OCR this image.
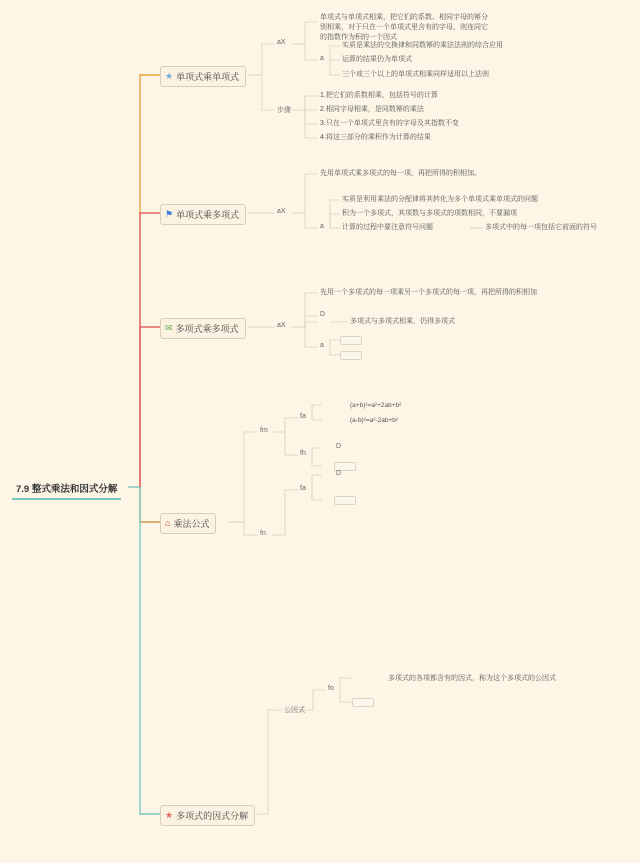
7.9 整式乘法和因式分解
★ 单项式乘单项式
aX
单项式与单项式相乘，把它们的系数、相同字母的幂分别相乘，对于只在一个单项式里含有的字母，则连同它的指数作为积的一个因式
a
实质是乘法的交换律和同数幂的乘法法则的综合应用
运算的结果仍为单项式
三个或三个以上的单项式相乘同样适用以上法则
步骤
1.把它们的系数相乘，包括符号的计算
2.相同字母相乘，是同数幂的乘法
3.只在一个单项式里含有的字母及其指数不变
4.将这三部分的乘积作为计算的结果
⚑ 单项式乘多项式	aX
先用单项式乘多项式的每一项，再把所得的积相加。
a
实质是利用乘法的分配律将其转化为多个单项式乘单项式的问题
积为一个多项式，其项数与多项式的项数相同，不要漏项
计算的过程中要注意符号问题	多项式中的每一项包括它前面的符号
✉ 多项式乘多项式	aX
先用一个多项式的每一项乘另一个多项式的每一项，再把所得的积相加
D
多项式与多项式相乘，仍得多项式
a
⌂ 乘法公式
fm
fa
(a+b)²=a²+2ab+b²
(a-b)²=a²-2ab+b²
fh
D
fn
fa
D
★ 多项式的因式分解
公因式
fo
多项式的各项都含有的因式，称为这个多项式的公因式
